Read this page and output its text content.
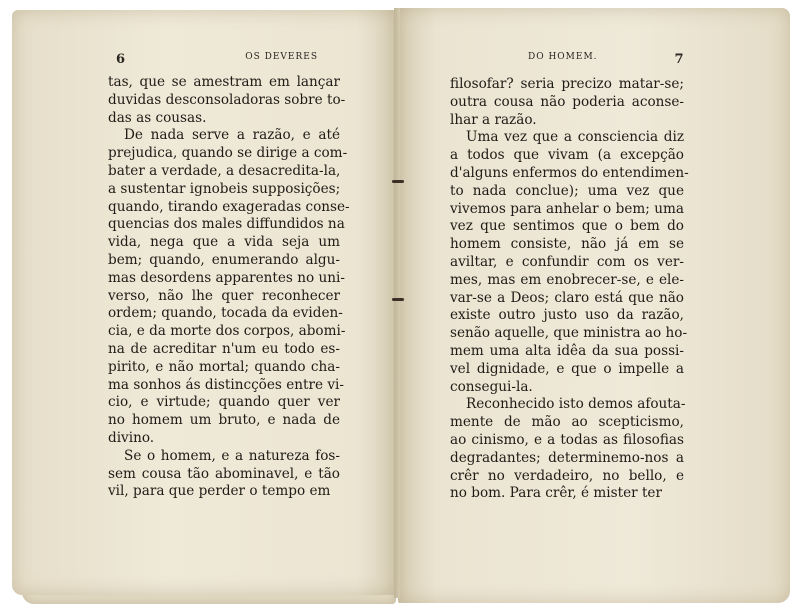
6	OS DEVERES
tas, que se amestram em lançar
duvidas desconsoladoras sobre to-
das as cousas.
De nada serve a razão, e até
prejudica, quando se dirige a com-
bater a verdade, a desacredita-la,
a sustentar ignobeis supposições;
quando, tirando exageradas conse-
quencias dos males diffundidos na
vida, nega que a vida seja um
bem; quando, enumerando algu-
mas desordens apparentes no uni-
verso, não lhe quer reconhecer
ordem; quando, tocada da eviden-
cia, e da morte dos corpos, abomi-
na de acreditar n'um eu todo es-
pirito, e não mortal; quando cha-
ma sonhos ás distincções entre vi-
cio, e virtude; quando quer ver
no homem um bruto, e nada de
divino.
Se o homem, e a natureza fos-
sem cousa tão abominavel, e tão
vil, para que perder o tempo em
DO HOMEM.	7
filosofar? seria precizo matar-se;
outra cousa não poderia aconse-
lhar a razão.
Uma vez que a consciencia diz
a todos que vivam (a excepção
d'alguns enfermos do entendimen-
to nada conclue); uma vez que
vivemos para anhelar o bem; uma
vez que sentimos que o bem do
homem consiste, não já em se
aviltar, e confundir com os ver-
mes, mas em enobrecer-se, e ele-
var-se a Deos; claro está que não
existe outro justo uso da razão,
senão aquelle, que ministra ao ho-
mem uma alta idêa da sua possi-
vel dignidade, e que o impelle a
consegui-la.
Reconhecido isto demos afouta-
mente de mão ao scepticismo,
ao cinismo, e a todas as filosofias
degradantes; determinemo-nos a
crêr no verdadeiro, no bello, e
no bom. Para crêr, é mister ter
